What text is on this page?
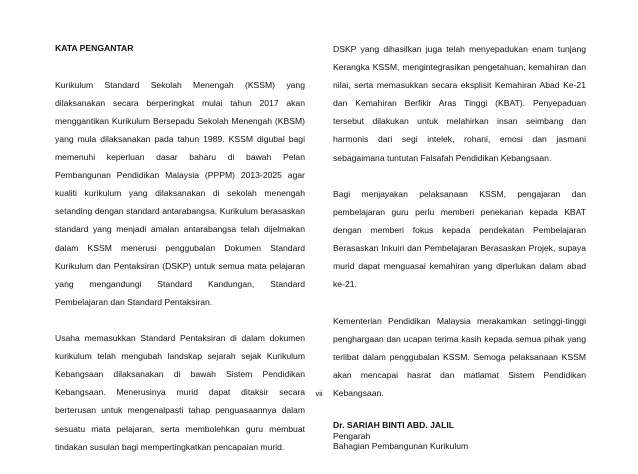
KATA PENGANTAR

Kurikulum Standard Sekolah Menengah (KSSM) yang dilaksanakan secara berperingkat mulai tahun 2017 akan menggantikan Kurikulum Bersepadu Sekolah Menengah (KBSM) yang mula dilaksanakan pada tahun 1989. KSSM digubal bagi memenuhi keperluan dasar baharu di bawah Pelan Pembangunan Pendidikan Malaysia (PPPM) 2013-2025 agar kualiti kurikulum yang dilaksanakan di sekolah menengah setanding dengan standard antarabangsa. Kurikulum berasaskan standard yang menjadi amalan antarabangsa telah dijelmakan dalam KSSM menerusi penggubalan Dokumen Standard Kurikulum dan Pentaksiran (DSKP) untuk semua mata pelajaran yang mengandungi Standard Kandungan, Standard Pembelajaran dan Standard Pentaksiran.

Usaha memasukkan Standard Pentaksiran di dalam dokumen kurikulum telah mengubah landskap sejarah sejak Kurikulum Kebangsaan dilaksanakan di bawah Sistem Pendidikan Kebangsaan. Menerusinya murid dapat ditaksir secara berterusan untuk mengenalpasti tahap penguasaannya dalam sesuatu mata pelajaran, serta membolehkan guru membuat tindakan susulan bagi mempertingkatkan pencapaian murid.

DSKP yang dihasilkan juga telah menyepadukan enam tunjang Kerangka KSSM, mengintegrasikan pengetahuan, kemahiran dan nilai, serta memasukkan secara eksplisit Kemahiran Abad Ke-21 dan Kemahiran Berfikir Aras Tinggi (KBAT). Penyepaduan tersebut dilakukan untuk melahirkan insan seimbang dan harmonis dari segi intelek, rohani, emosi dan jasmani sebagaimana tuntutan Falsafah Pendidikan Kebangsaan.

Bagi menjayakan pelaksanaan KSSM, pengajaran dan pembelajaran guru perlu memberi penekanan kepada KBAT dengan memberi fokus kepada pendekatan Pembelajaran Berasaskan Inkuiri dan Pembelajaran Berasaskan Projek, supaya murid dapat menguasai kemahiran yang diperlukan dalam abad ke-21.

Kementerian Pendidikan Malaysia merakamkan setinggi-tinggi penghargaan dan ucapan terima kasih kepada semua pihak yang terlibat dalam penggubalan KSSM. Semoga pelaksanaan KSSM akan mencapai hasrat dan matlamat Sistem Pendidikan Kebangsaan.

Dr. SARIAH BINTI ABD. JALIL

Pengarah

Bahagian Pembangunan Kurikulum

vii
